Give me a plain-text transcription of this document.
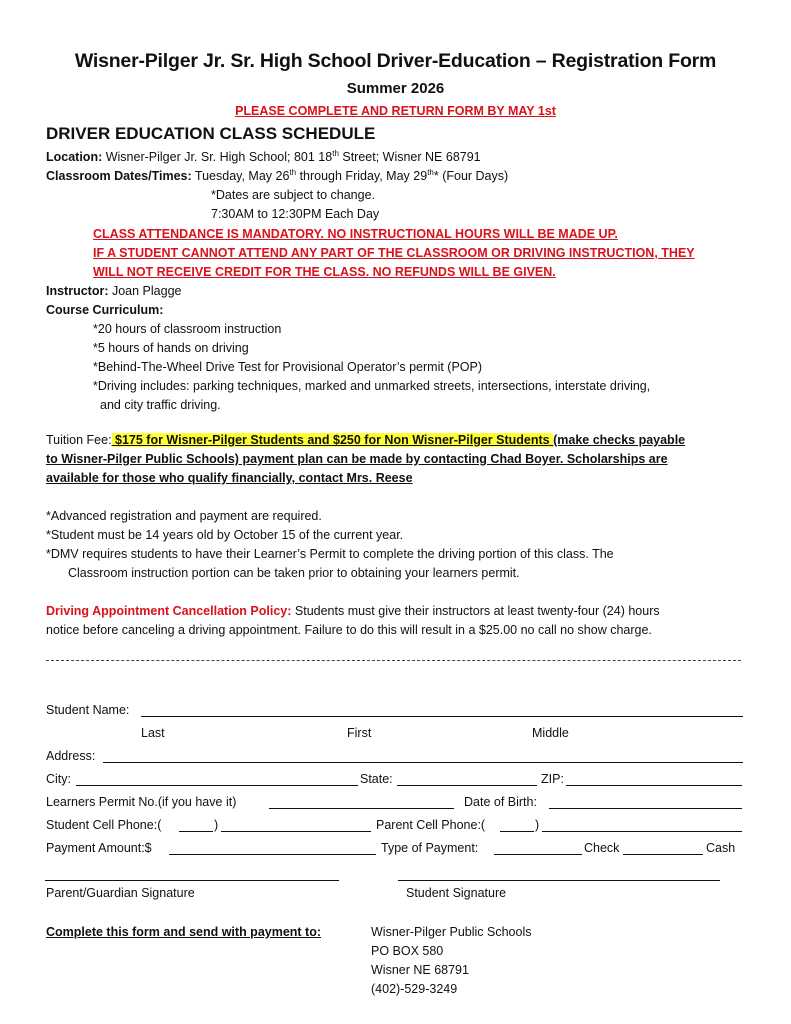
Wisner-Pilger Jr. Sr. High School Driver-Education – Registration Form
Summer 2026
PLEASE COMPLETE AND RETURN FORM BY MAY 1st
DRIVER EDUCATION CLASS SCHEDULE
Location: Wisner-Pilger Jr. Sr. High School; 801 18th Street; Wisner NE 68791
Classroom Dates/Times: Tuesday, May 26th through Friday, May 29th* (Four Days)
*Dates are subject to change.
7:30AM to 12:30PM Each Day
CLASS ATTENDANCE IS MANDATORY. NO INSTRUCTIONAL HOURS WILL BE MADE UP.
IF A STUDENT CANNOT ATTEND ANY PART OF THE CLASSROOM OR DRIVING INSTRUCTION, THEY
WILL NOT RECEIVE CREDIT FOR THE CLASS. NO REFUNDS WILL BE GIVEN.
Instructor: Joan Plagge
Course Curriculum:
*20 hours of classroom instruction
*5 hours of hands on driving
*Behind-The-Wheel Drive Test for Provisional Operator’s permit (POP)
*Driving includes: parking techniques, marked and unmarked streets, intersections, interstate driving,
and city traffic driving.
Tuition Fee: $175 for Wisner-Pilger Students and $250 for Non Wisner-Pilger Students (make checks payable
to Wisner-Pilger Public Schools) payment plan can be made by contacting Chad Boyer. Scholarships are
available for those who qualify financially, contact Mrs. Reese
*Advanced registration and payment are required.
*Student must be 14 years old by October 15 of the current year.
*DMV requires students to have their Learner’s Permit to complete the driving portion of this class. The
Classroom instruction portion can be taken prior to obtaining your learners permit.
Driving Appointment Cancellation Policy: Students must give their instructors at least twenty-four (24) hours
notice before canceling a driving appointment. Failure to do this will result in a $25.00 no call no show charge.
Student Name:
Last	First	Middle
Address:
City:	State:	ZIP:
Learners Permit No.(if you have it)	Date of Birth:
Student Cell Phone:(	)	Parent Cell Phone:(	)
Payment Amount:$	Type of Payment:	Check	Cash
Parent/Guardian Signature	Student Signature
Complete this form and send with payment to:	Wisner-Pilger Public Schools
PO BOX 580
Wisner NE 68791
(402)-529-3249
